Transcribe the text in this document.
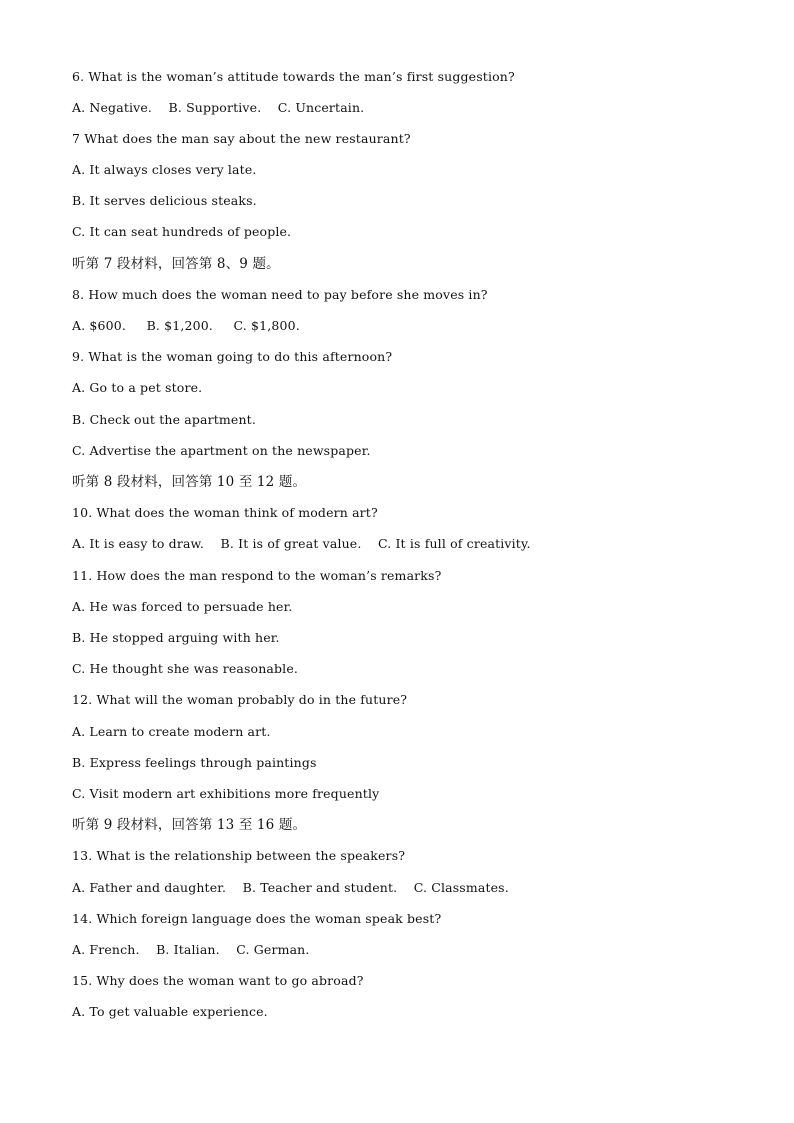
6. What is the woman’s attitude towards the man’s first suggestion?
A. Negative.    B. Supportive.    C. Uncertain.
7 What does the man say about the new restaurant?
A. It always closes very late.
B. It serves delicious steaks.
C. It can seat hundreds of people.
听第 7 段材料，回答第 8、9 题。
8. How much does the woman need to pay before she moves in?
A. $600.     B. $1,200.     C. $1,800.
9. What is the woman going to do this afternoon?
A. Go to a pet store.
B. Check out the apartment.
C. Advertise the apartment on the newspaper.
听第 8 段材料，回答第 10 至 12 题。
10. What does the woman think of modern art?
A. It is easy to draw.    B. It is of great value.    C. It is full of creativity.
11. How does the man respond to the woman’s remarks?
A. He was forced to persuade her.
B. He stopped arguing with her.
C. He thought she was reasonable.
12. What will the woman probably do in the future?
A. Learn to create modern art.
B. Express feelings through paintings
C. Visit modern art exhibitions more frequently
听第 9 段材料，回答第 13 至 16 题。
13. What is the relationship between the speakers?
A. Father and daughter.    B. Teacher and student.    C. Classmates.
14. Which foreign language does the woman speak best?
A. French.    B. Italian.    C. German.
15. Why does the woman want to go abroad?
A. To get valuable experience.
